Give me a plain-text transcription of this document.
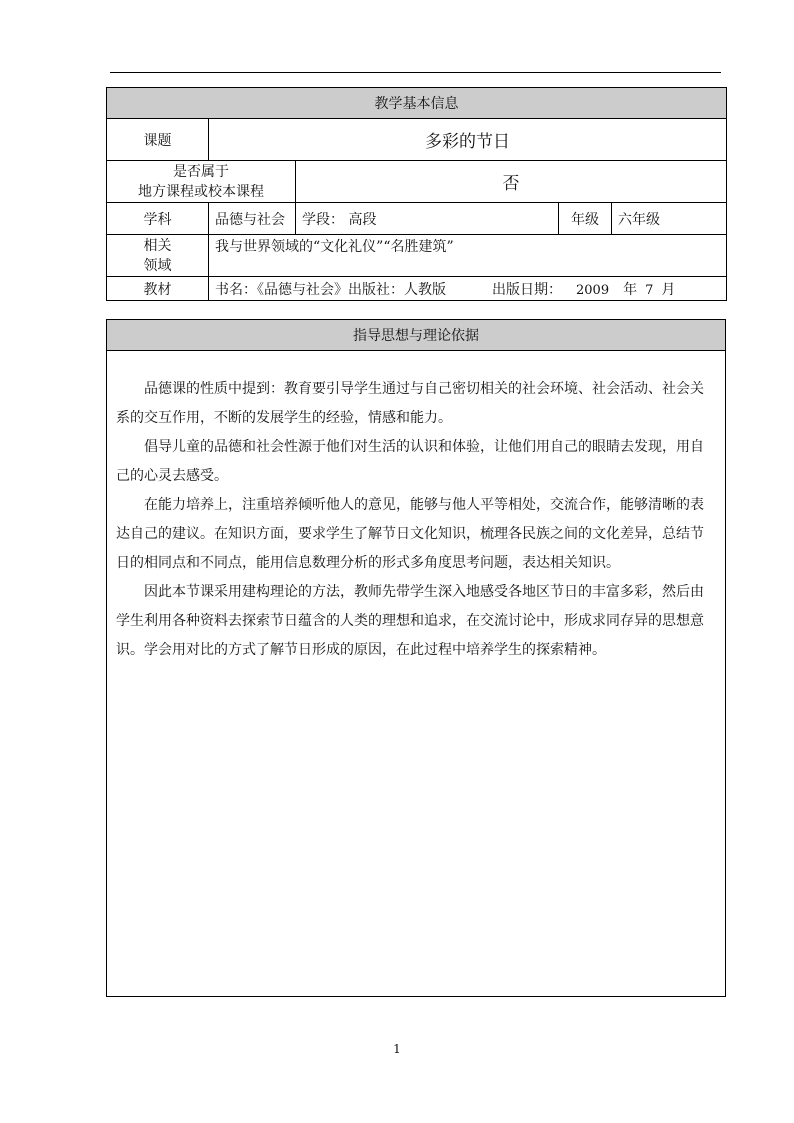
教学基本信息				
课题	多彩的节日			

是否属于
地方课程或校本课程		否		
学科	品德与社会	学段： 高段	年级	六年级

相关
领域	我与世界领域的“文化礼仪”“名胜建筑”			
教材	书名：《品德与社会》出版社：人教版 出版日期： 2009 年 7 月			
指导思想与理论依据

品德课的性质中提到：教育要引导学生通过与自己密切相关的社会环境、社会活动、社会关系的交互作用，不断的发展学生的经验，情感和能力。

倡导儿童的品德和社会性源于他们对生活的认识和体验，让他们用自己的眼睛去发现，用自己的心灵去感受。

在能力培养上，注重培养倾听他人的意见，能够与他人平等相处，交流合作，能够清晰的表达自己的建议。在知识方面，要求学生了解节日文化知识，梳理各民族之间的文化差异，总结节日的相同点和不同点，能用信息数理分析的形式多角度思考问题，表达相关知识。

因此本节课采用建构理论的方法，教师先带学生深入地感受各地区节日的丰富多彩，然后由学生利用各种资料去探索节日蕴含的人类的理想和追求，在交流讨论中，形成求同存异的思想意识。学会用对比的方式了解节日形成的原因，在此过程中培养学生的探索精神。

1
